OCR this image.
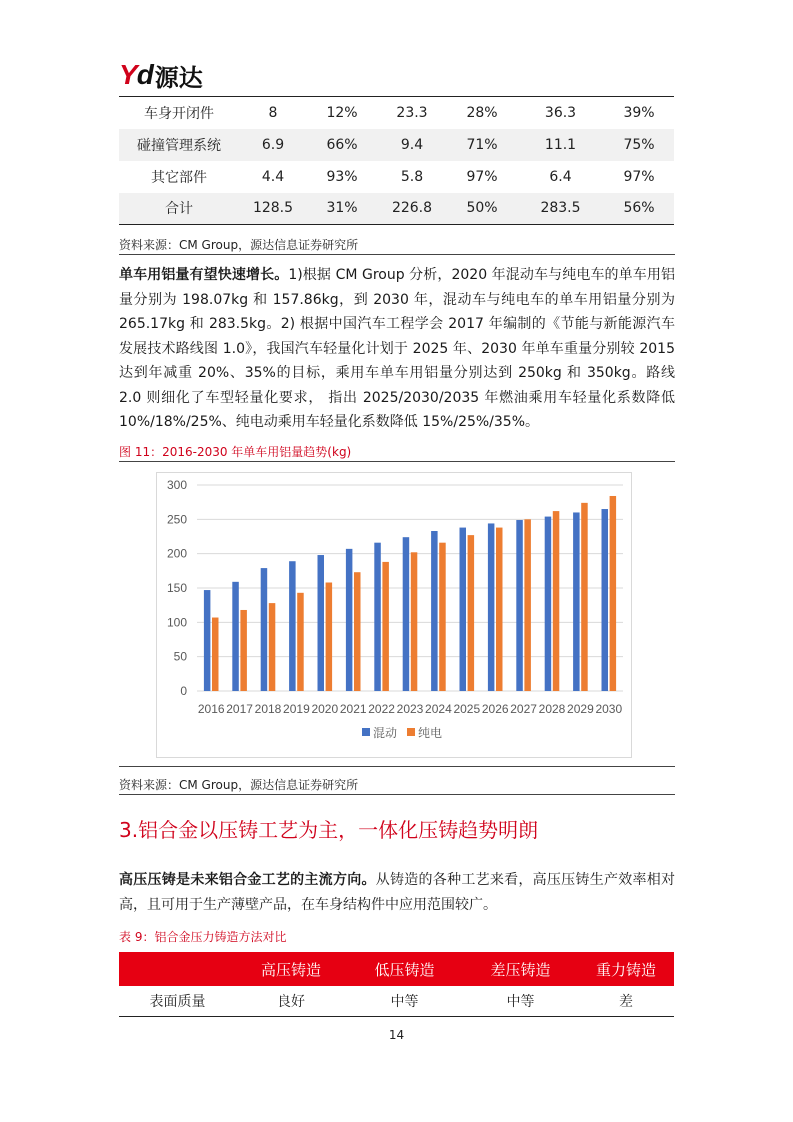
Yd 源达
车身开闭件	8	12%	23.3	28%	36.3	39%
碰撞管理系统	6.9	66%	9.4	71%	11.1	75%
其它部件	4.4	93%	5.8	97%	6.4	97%
合计	128.5	31%	226.8	50%	283.5	56%
资料来源：CM Group，源达信息证券研究所
单车用铝量有望快速增长。1)根据 CM Group 分析，2020 年混动车与纯电车的单车用铝量分别为 198.07kg 和 157.86kg，到 2030 年，混动车与纯电车的单车用铝量分别为 265.17kg 和 283.5kg。2) 根据中国汽车工程学会 2017 年编制的《节能与新能源汽车发展技术路线图 1.0》，我国汽车轻量化计划于 2025 年、2030 年单车重量分别较 2015 达到年减重 20%、35%的目标，乘用车单车用铝量分别达到 250kg 和 350kg。路线 2.0 则细化了车型轻量化要求， 指出 2025/2030/2035 年燃油乘用车轻量化系数降低 10%/18%/25%、纯电动乘用车轻量化系数降低 15%/25%/35%。
图 11：2016-2030 年单车用铝量趋势(kg)
0
50
100
150
200
250
300
2016 2017 2018 2019 2020 2021 2022 2023 2024 2025 2026 2027 2028 2029 2030
混动 纯电
资料来源：CM Group，源达信息证券研究所
3.铝合金以压铸工艺为主，一体化压铸趋势明朗
高压压铸是未来铝合金工艺的主流方向。从铸造的各种工艺来看，高压压铸生产效率相对高，且可用于生产薄壁产品，在车身结构件中应用范围较广。
表 9：铝合金压力铸造方法对比
	高压铸造	低压铸造	差压铸造	重力铸造
表面质量	良好	中等	中等	差
14
